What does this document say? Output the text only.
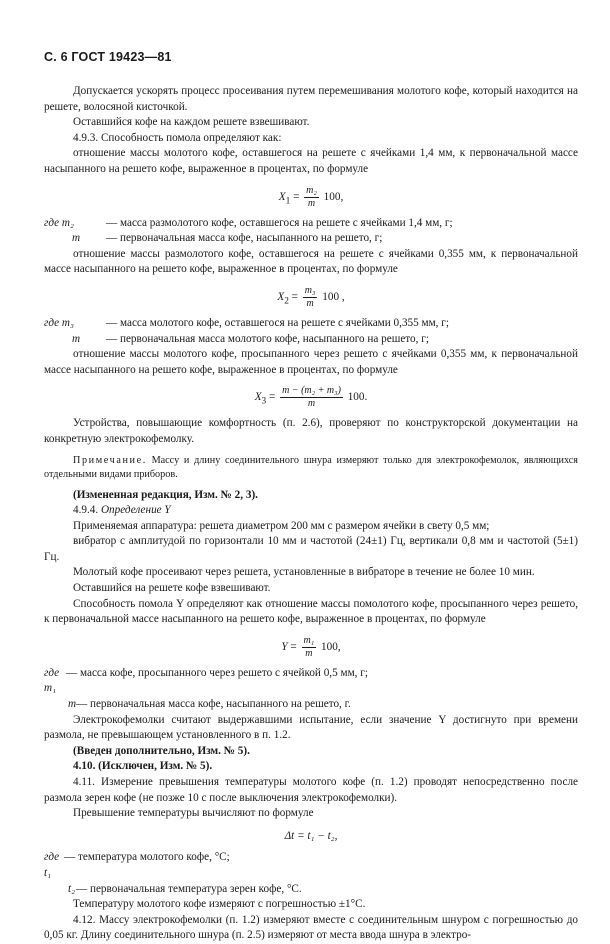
С. 6 ГОСТ 19423—81

Допускается ускорять процесс просеивания путем перемешивания молотого кофе, который находится на решете, волосяной кисточкой.

Оставшийся кофе на каждом решете взвешивают.

4.9.3. Способность помола определяют как:

отношение массы молотого кофе, оставшегося на решете с ячейками 1,4 мм, к первоначальной массе насыпанного на решето кофе, выраженное в процентах, по формуле

$X_1 = \frac{\text{m₂}}{m} 100$,

где m₂	— масса размолотого кофе, оставшегося на решете с ячейками 1,4 мм, г;
m	— первоначальная масса кофе, насыпанного на решето, г;

отношение массы размолотого кофе, оставшегося на решете с ячейками 0,355 мм, к первоначальной массе насыпанного на решето кофе, выраженное в процентах, по формуле

$X_2 = \frac{\text{m₃}}{m} 100$ ,

где m₃	— масса молотого кофе, оставшегося на решете с ячейками 0,355 мм, г;
m	— первоначальная масса молотого кофе, насыпанного на решето, г;

отношение массы молотого кофе, просыпанного через решето с ячейками 0,355 мм, к первоначальной массе насыпанного на решето кофе, выраженное в процентах, по формуле

$X_3 = \frac{\text{m − (m₂ + m₃)}}{m} 100$.

Устройства, повышающие комфортность (п. 2.6), проверяют по конструкторской документации на конкретную электрокофемолку.

Примечание. Массу и длину соединительного шнура измеряют только для электрокофемолок, являющихся отдельными видами приборов.

(Измененная редакция, Изм. № 2, 3).

4.9.4. Определение Y

Применяемая аппаратура: решета диаметром 200 мм с размером ячейки в свету 0,5 мм;

вибратор с амплитудой по горизонтали 10 мм и частотой (24±1) Гц, вертикали 0,8 мм и частотой (5±1) Гц.

Молотый кофе просеивают через решета, установленные в вибраторе в течение не более 10 мин.

Оставшийся на решете кофе взвешивают.

Способность помола Y определяют как отношение массы помолотого кофе, просыпанного через решето, к первоначальной массе насыпанного на решето кофе, выраженное в процентах, по формуле

$Y = \frac{\text{m₁}}{m} 100$,

где m₁
— масса кофе, просыпанного через решето с ячейкой 0,5 мм, г;
m — первоначальная масса кофе, насыпанного на решето, г.

Электрокофемолки считают выдержавшими испытание, если значение Y достигнуто при времени размола, не превышающем установленного в п. 1.2.

(Введен дополнительно, Изм. № 5).

4.10. (Исключен, Изм. № 5).

4.11. Измерение превышения температуры молотого кофе (п. 1.2) проводят непосредственно после размола зерен кофе (не позже 10 с после выключения электрокофемолки).

Превышение температуры вычисляют по формуле

Δt = t₁ − t₂,

где t₁
— температура молотого кофе, °С;
t₂ — первоначальная температура зерен кофе, °С.

Температуру молотого кофе измеряют с погрешностью ±1°С.

4.12. Массу электрокофемолки (п. 1.2) измеряют вместе с соединительным шнуром с погрешностью до 0,05 кг. Длину соединительного шнура (п. 2.5) измеряют от места ввода шнура в электро-
